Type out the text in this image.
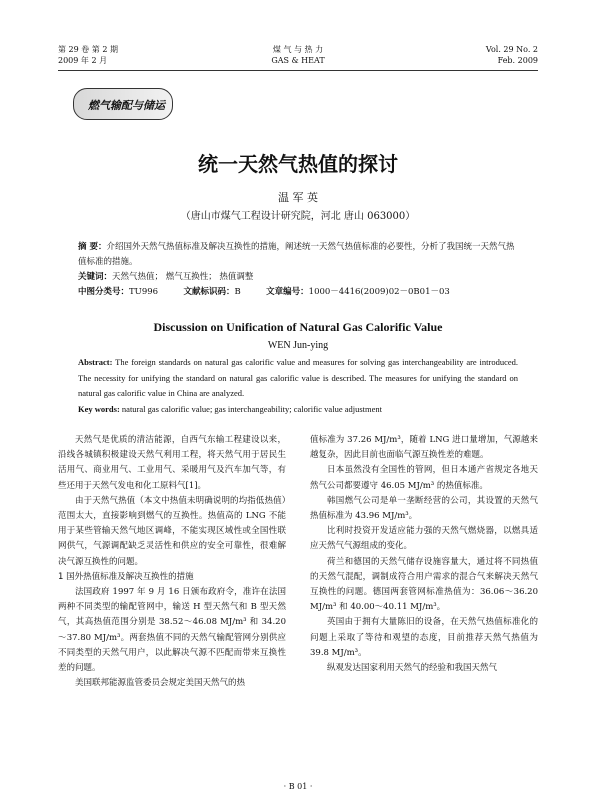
第 29 卷 第 2 期
2009 年 2 月
煤 气 与 热 力
GAS & HEAT
Vol. 29 No. 2
Feb. 2009
燃气输配与储运
统一天然气热值的探讨
温 军 英
（唐山市煤气工程设计研究院，河北 唐山 063000）
摘 要：介绍国外天然气热值标准及解决互换性的措施，阐述统一天然气热值标准的必要性，分析了我国统一天然气热值标准的措施。
关键词：天然气热值； 燃气互换性； 热值调整
中图分类号：TU996	文献标识码：B	文章编号：1000－4416(2009)02－0B01－03
Discussion on Unification of Natural Gas Calorific Value
WEN Jun-ying
Abstract: The foreign standards on natural gas calorific value and measures for solving gas interchangeability are introduced. The necessity for unifying the standard on natural gas calorific value is described. The measures for unifying the standard on natural gas calorific value in China are analyzed.
Key words: natural gas calorific value; gas interchangeability; calorific value adjustment

天然气是优质的清洁能源，自西气东输工程建设以来，沿线各城镇积极建设天然气利用工程，将天然气用于居民生活用气、商业用气、工业用气、采暖用气及汽车加气等，有些还用于天然气发电和化工原料气[1]。

由于天然气热值（本文中热值未明确说明的均指低热值）范围太大，直接影响到燃气的互换性。热值高的 LNG 不能用于某些管输天然气地区调峰，不能实现区域性或全国性联网供气，气源调配缺乏灵活性和供应的安全可靠性，很难解决气源互换性的问题。

1 国外热值标准及解决互换性的措施

法国政府 1997 年 9 月 16 日颁布政府令，准许在法国两种不同类型的输配管网中，输送 H 型天然气和 B 型天然气，其高热值范围分别是 38.52～46.08 MJ/m³ 和 34.20～37.80 MJ/m³。两套热值不同的天然气输配管网分别供应不同类型的天然气用户，以此解决气源不匹配而带来互换性差的问题。

美国联邦能源监管委员会规定美国天然气的热

值标准为 37.26 MJ/m³，随着 LNG 进口量增加，气源越来越复杂，因此目前也面临气源互换性差的难题。

日本虽然没有全国性的管网，但日本通产省规定各地天然气公司都要遵守 46.05 MJ/m³ 的热值标准。

韩国燃气公司是单一垄断经营的公司，其设置的天然气热值标准为 43.96 MJ/m³。

比利时投资开发适应能力强的天然气燃烧器，以燃具适应天然气气源组成的变化。

荷兰和德国的天然气储存设施容量大，通过将不同热值的天然气混配，调制成符合用户需求的混合气来解决天然气互换性的问题。德国两套管网标准热值为：36.06～36.20 MJ/m³ 和 40.00～40.11 MJ/m³。

英国由于拥有大量陈旧的设备，在天然气热值标准化的问题上采取了等待和观望的态度，目前推荐天然气热值为 39.8 MJ/m³。

纵观发达国家利用天然气的经验和我国天然气

· B 01 ·
